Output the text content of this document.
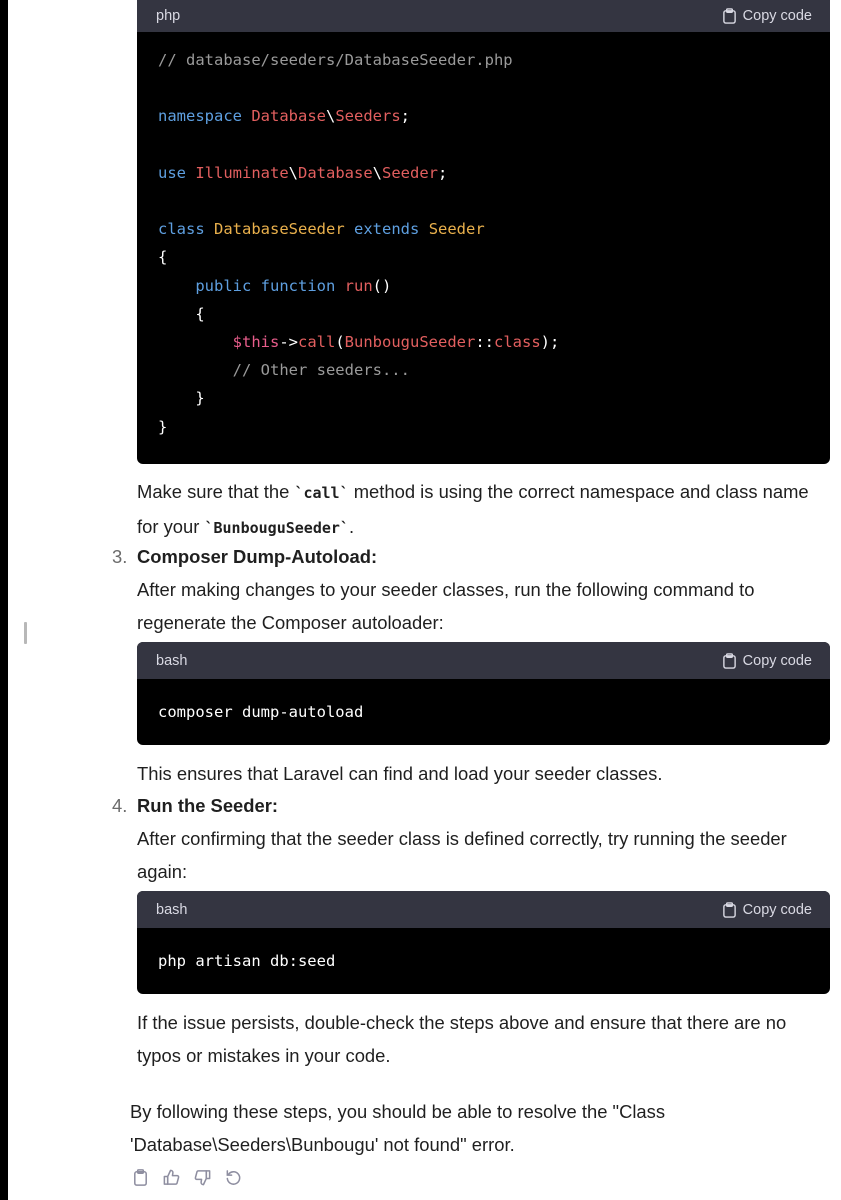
php	Copy code
// database/seeders/DatabaseSeeder.php

namespace Database\Seeders;

use Illuminate\Database\Seeder;

class DatabaseSeeder extends Seeder
{
public function run()
{
$this->call(BunbouguSeeder::class);
// Other seeders...
}
}
Make sure that the `call` method is using the correct namespace and class name
for your `BunbouguSeeder`.
3. Composer Dump-Autoload:
After making changes to your seeder classes, run the following command to
regenerate the Composer autoloader:
bash	Copy code
composer dump-autoload
This ensures that Laravel can find and load your seeder classes.
4. Run the Seeder:
After confirming that the seeder class is defined correctly, try running the seeder
again:
bash	Copy code
php artisan db:seed
If the issue persists, double-check the steps above and ensure that there are no
typos or mistakes in your code.
By following these steps, you should be able to resolve the "Class
'Database\Seeders\Bunbougu' not found" error.
